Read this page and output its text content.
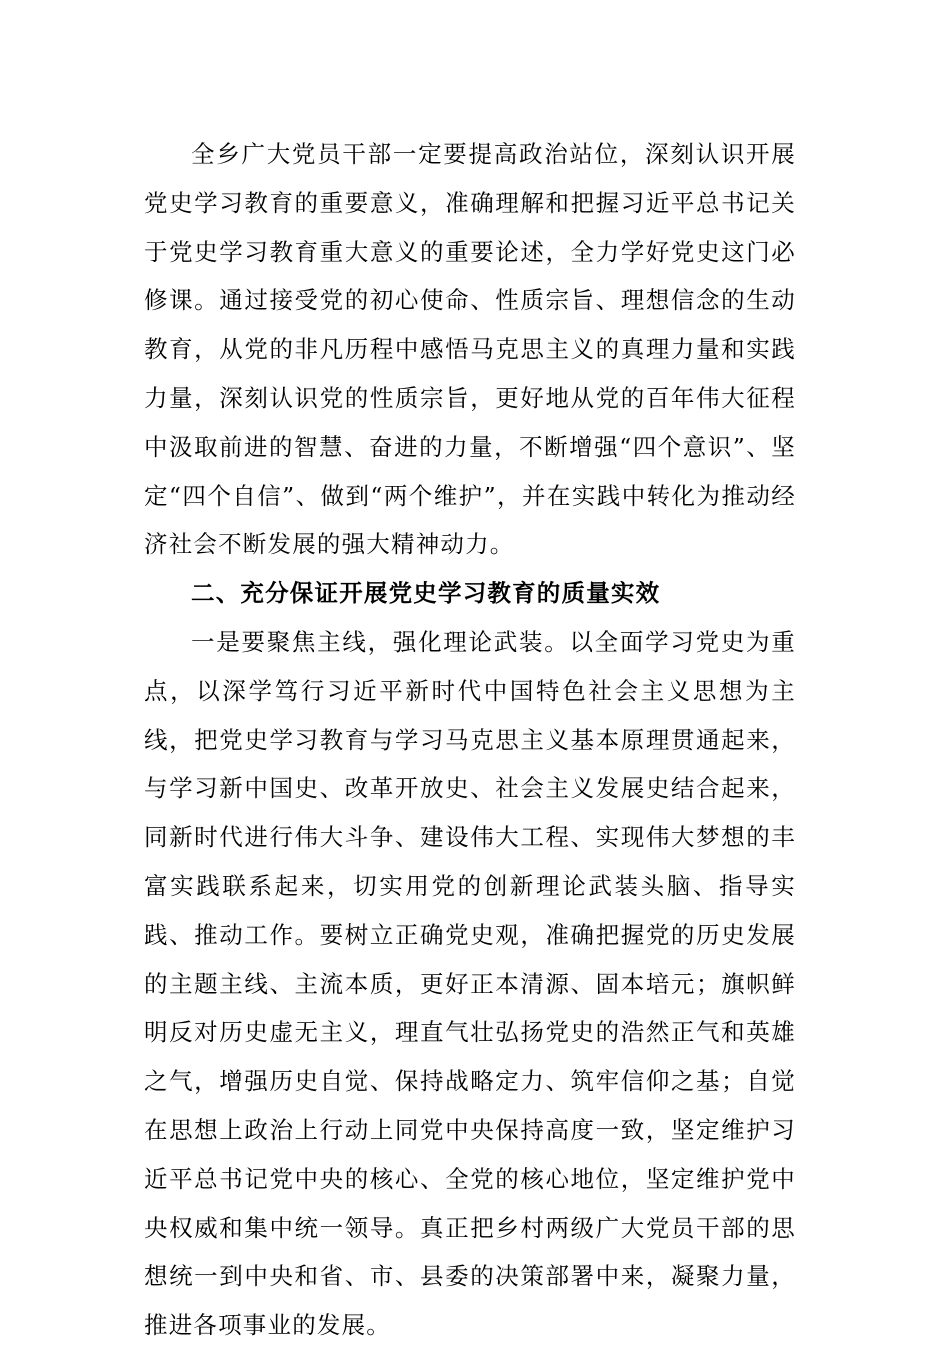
全乡广大党员干部一定要提高政治站位，深刻认识开展党史学习教育的重要意义，准确理解和把握习近平总书记关于党史学习教育重大意义的重要论述，全力学好党史这门必修课。通过接受党的初心使命、性质宗旨、理想信念的生动教育，从党的非凡历程中感悟马克思主义的真理力量和实践力量，深刻认识党的性质宗旨，更好地从党的百年伟大征程中汲取前进的智慧、奋进的力量，不断增强“四个意识”、坚定“四个自信”、做到“两个维护”，并在实践中转化为推动经济社会不断发展的强大精神动力。

二、充分保证开展党史学习教育的质量实效

一是要聚焦主线，强化理论武装。以全面学习党史为重点，以深学笃行习近平新时代中国特色社会主义思想为主线，把党史学习教育与学习马克思主义基本原理贯通起来，与学习新中国史、改革开放史、社会主义发展史结合起来，同新时代进行伟大斗争、建设伟大工程、实现伟大梦想的丰富实践联系起来，切实用党的创新理论武装头脑、指导实践、推动工作。要树立正确党史观，准确把握党的历史发展的主题主线、主流本质，更好正本清源、固本培元；旗帜鲜明反对历史虚无主义，理直气壮弘扬党史的浩然正气和英雄之气，增强历史自觉、保持战略定力、筑牢信仰之基；自觉在思想上政治上行动上同党中央保持高度一致，坚定维护习近平总书记党中央的核心、全党的核心地位，坚定维护党中央权威和集中统一领导。真正把乡村两级广大党员干部的思想统一到中央和省、市、县委的决策部署中来，凝聚力量，推进各项事业的发展。
